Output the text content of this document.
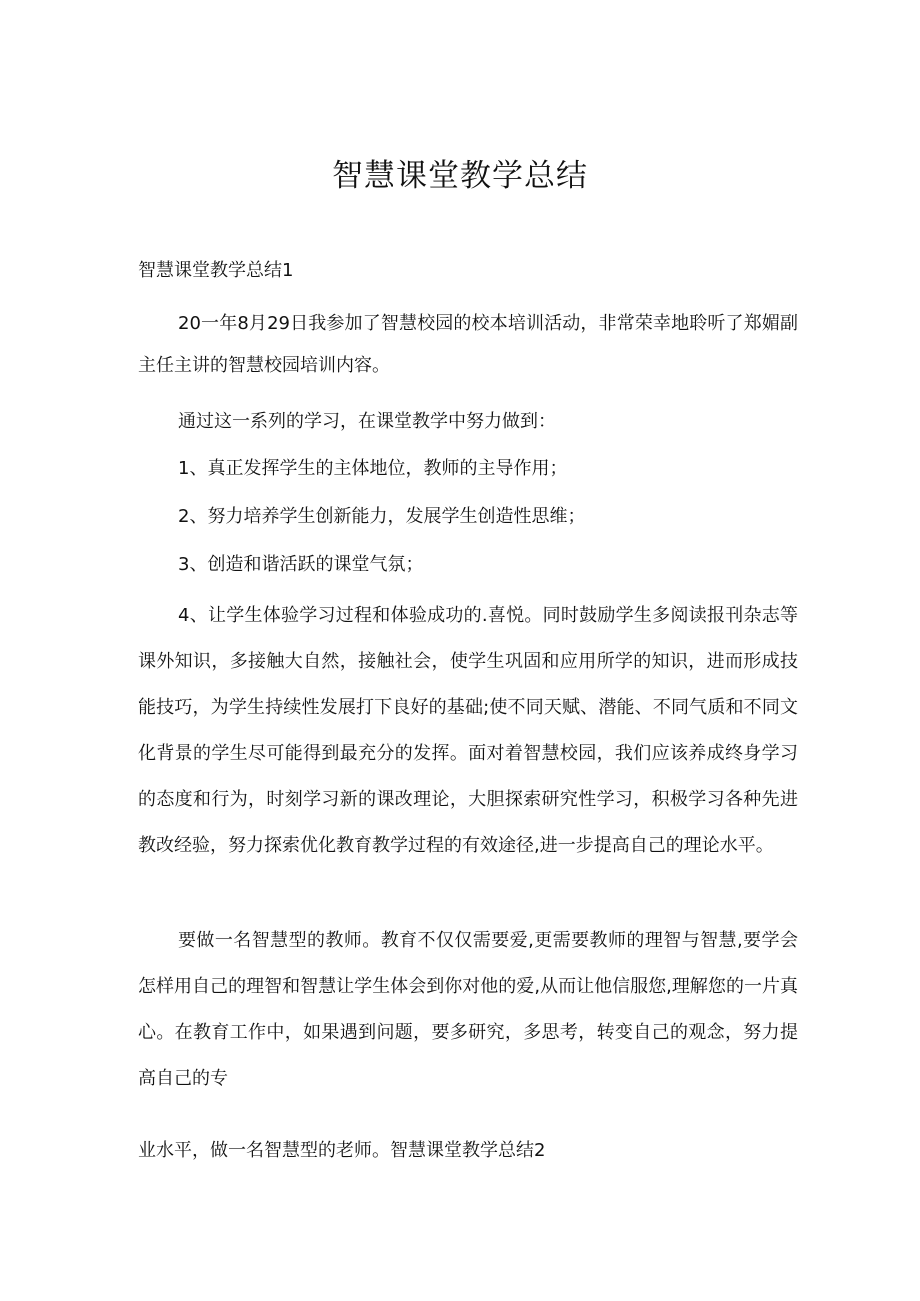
智慧课堂教学总结

智慧课堂教学总结1

20一年8月29日我参加了智慧校园的校本培训活动，非常荣幸地聆听了郑媚副主任主讲的智慧校园培训内容。

通过这一系列的学习，在课堂教学中努力做到：

1、真正发挥学生的主体地位，教师的主导作用；

2、努力培养学生创新能力，发展学生创造性思维；

3、创造和谐活跃的课堂气氛；

4、让学生体验学习过程和体验成功的.喜悦。同时鼓励学生多阅读报刊杂志等课外知识，多接触大自然，接触社会，使学生巩固和应用所学的知识，进而形成技能技巧，为学生持续性发展打下良好的基础;使不同天赋、潜能、不同气质和不同文化背景的学生尽可能得到最充分的发挥。面对着智慧校园，我们应该养成终身学习的态度和行为，时刻学习新的课改理论，大胆探索研究性学习，积极学习各种先进教改经验，努力探索优化教育教学过程的有效途径,进一步提高自己的理论水平。

要做一名智慧型的教师。教育不仅仅需要爱,更需要教师的理智与智慧,要学会怎样用自己的理智和智慧让学生体会到你对他的爱,从而让他信服您,理解您的一片真心。在教育工作中，如果遇到问题，要多研究，多思考，转变自己的观念，努力提高自己的专

业水平，做一名智慧型的老师。智慧课堂教学总结2
